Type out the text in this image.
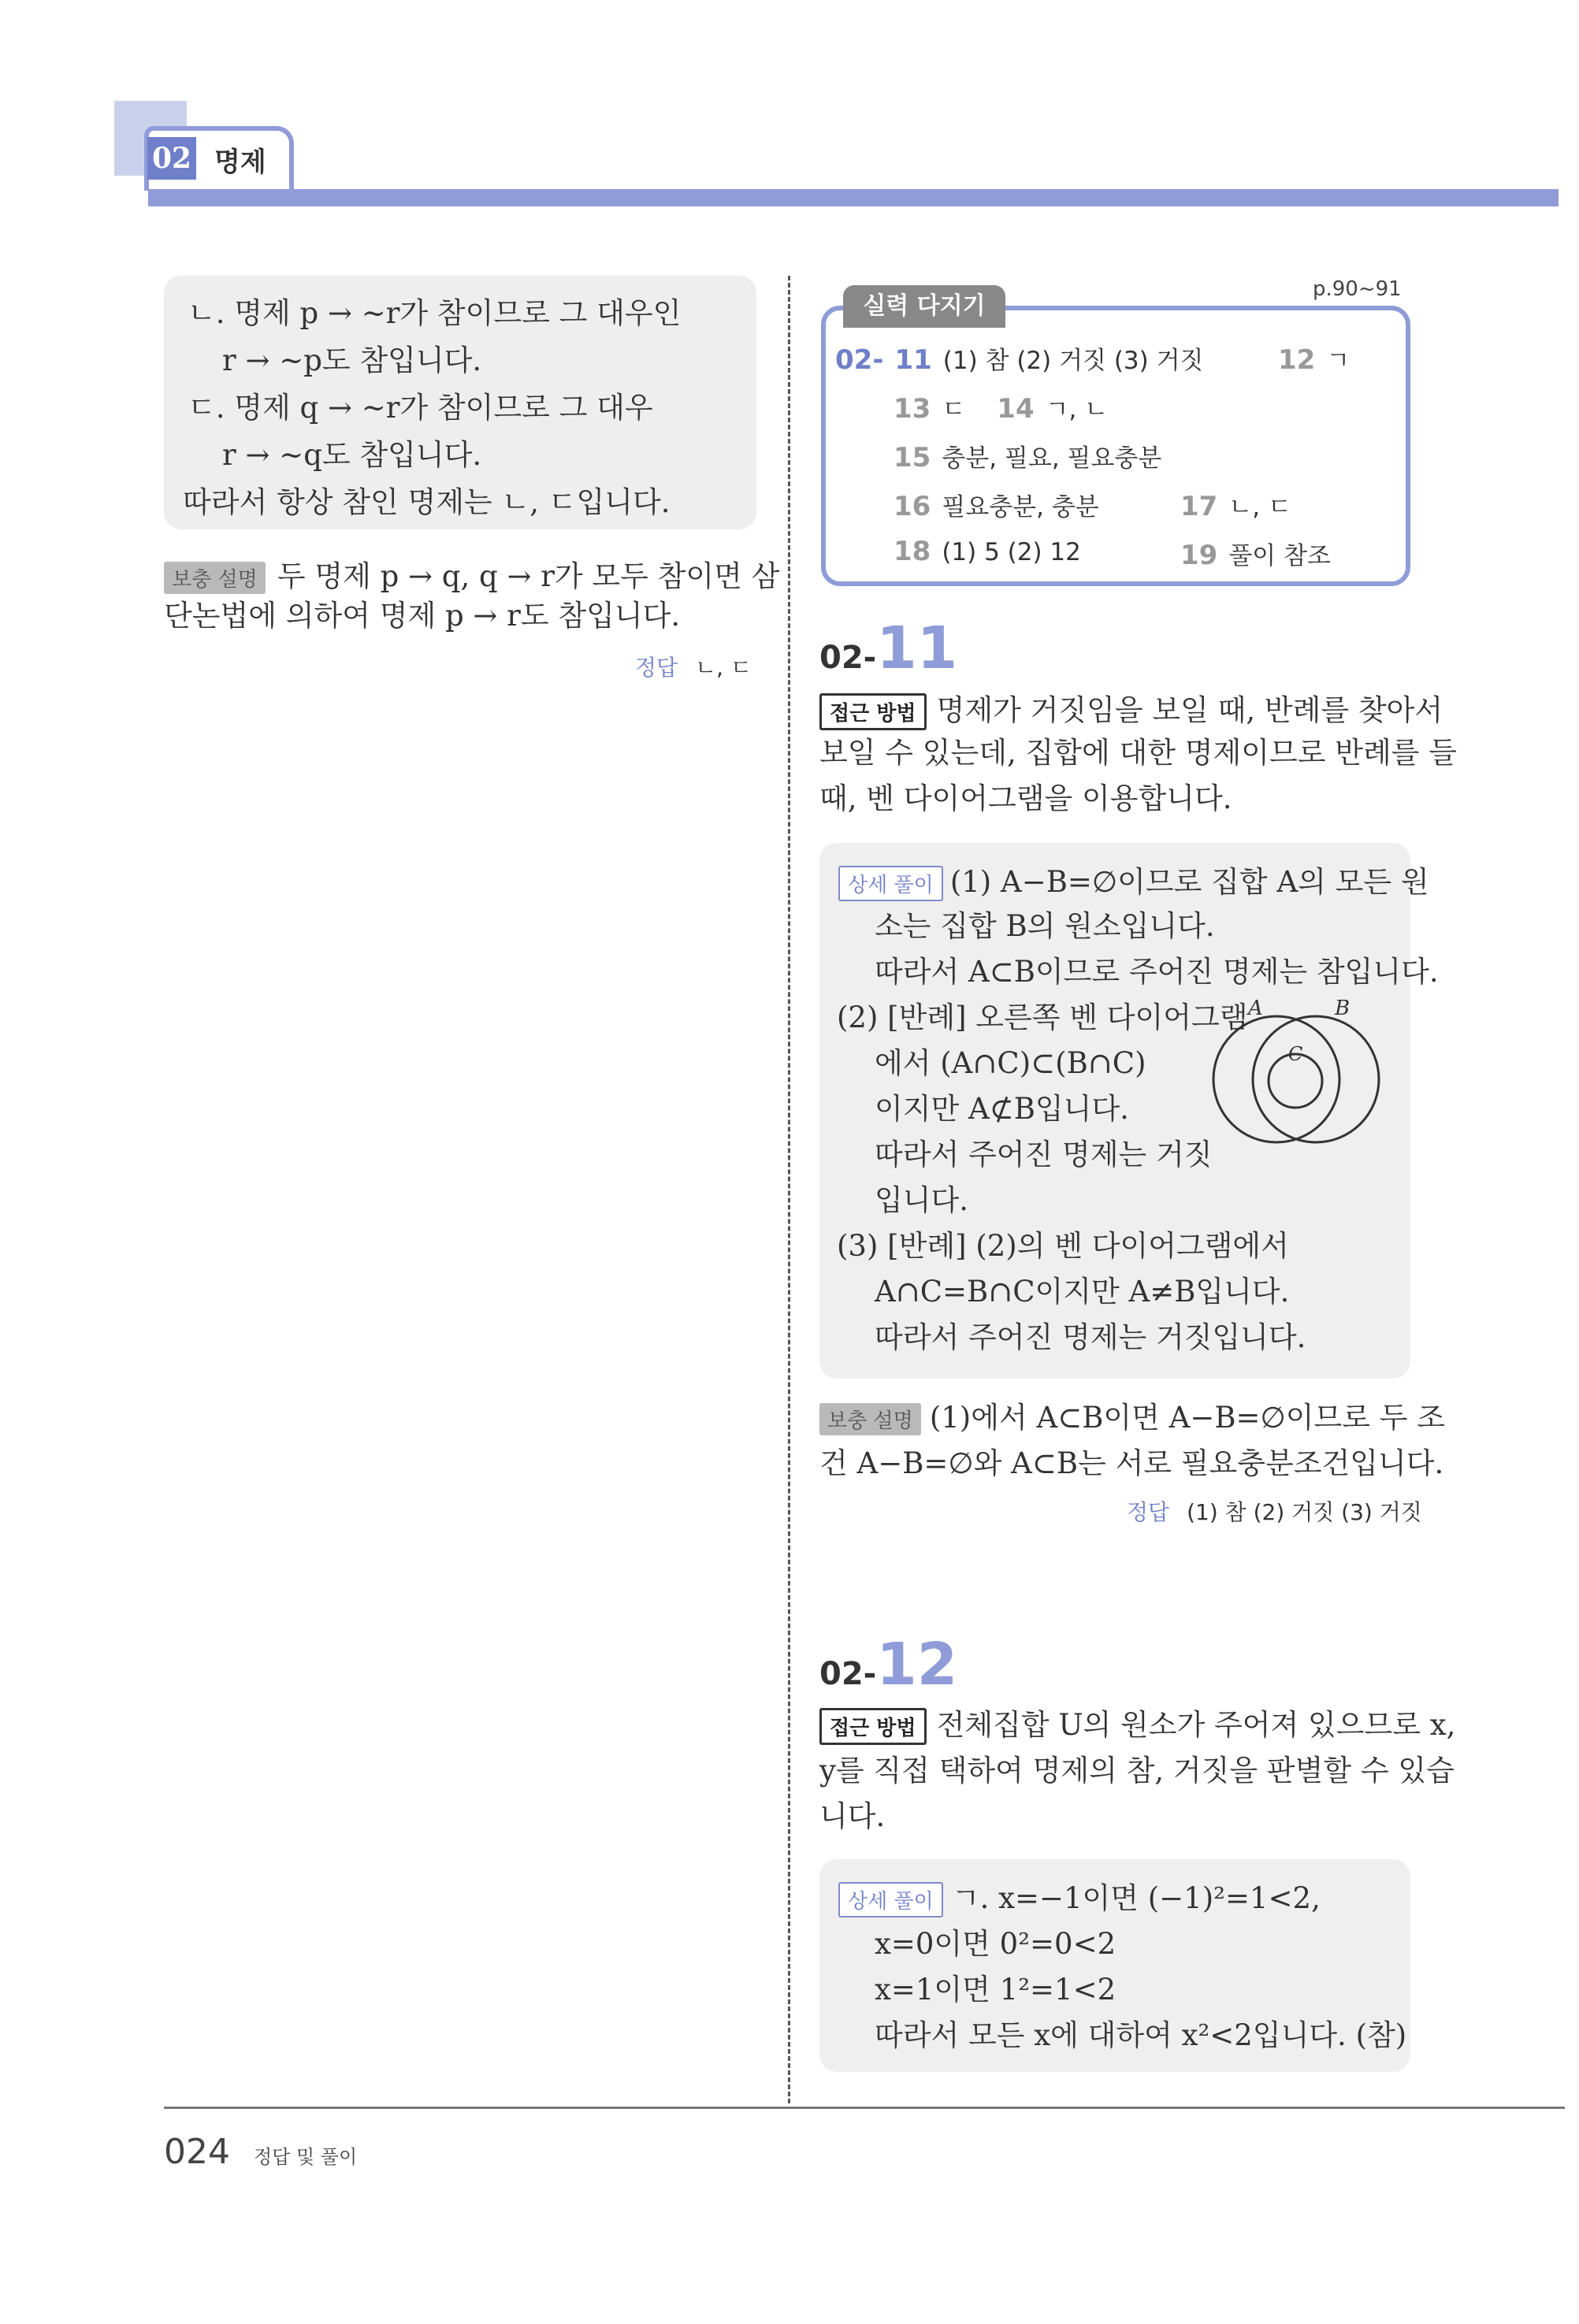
02 명제
ㄴ. 명제 p → ~r가 참이므로 그 대우인
r → ~p도 참입니다.
ㄷ. 명제 q → ~r가 참이므로 그 대우
r → ~q도 참입니다.
따라서 항상 참인 명제는 ㄴ, ㄷ입니다.
보충 설명 두 명제 p → q, q → r가 모두 참이면 삼
단논법에 의하여 명제 p → r도 참입니다.
정답 ㄴ, ㄷ
p.90~91
실력 다지기
02- 11 (1) 참 (2) 거짓 (3) 거짓	12 ㄱ
13 ㄷ 14 ㄱ, ㄴ
15 충분, 필요, 필요충분
16 필요충분, 충분	17 ㄴ, ㄷ
18 (1) 5 (2) 12	19 풀이 참조
02-11
접근 방법 명제가 거짓임을 보일 때, 반례를 찾아서
보일 수 있는데, 집합에 대한 명제이므로 반례를 들
때, 벤 다이어그램을 이용합니다.
상세 풀이 (1) A−B=∅이므로 집합 A의 모든 원
소는 집합 B의 원소입니다.
따라서 A⊂B이므로 주어진 명제는 참입니다.
(2) [반례] 오른쪽 벤 다이어그램
에서 (A∩C)⊂(B∩C)
이지만 A⊄B입니다.
따라서 주어진 명제는 거짓
입니다.
(3) [반례] (2)의 벤 다이어그램에서
A∩C=B∩C이지만 A≠B입니다.
따라서 주어진 명제는 거짓입니다.
A	B
C
보충 설명 (1)에서 A⊂B이면 A−B=∅이므로 두 조
건 A−B=∅와 A⊂B는 서로 필요충분조건입니다.
정답 (1) 참 (2) 거짓 (3) 거짓
02-12
접근 방법 전체집합 U의 원소가 주어져 있으므로 x,
y를 직접 택하여 명제의 참, 거짓을 판별할 수 있습
니다.
상세 풀이 ㄱ. x=−1이면 (−1)²=1<2,
x=0이면 0²=0<2
x=1이면 1²=1<2
따라서 모든 x에 대하여 x²<2입니다. (참)
024 정답 및 풀이
